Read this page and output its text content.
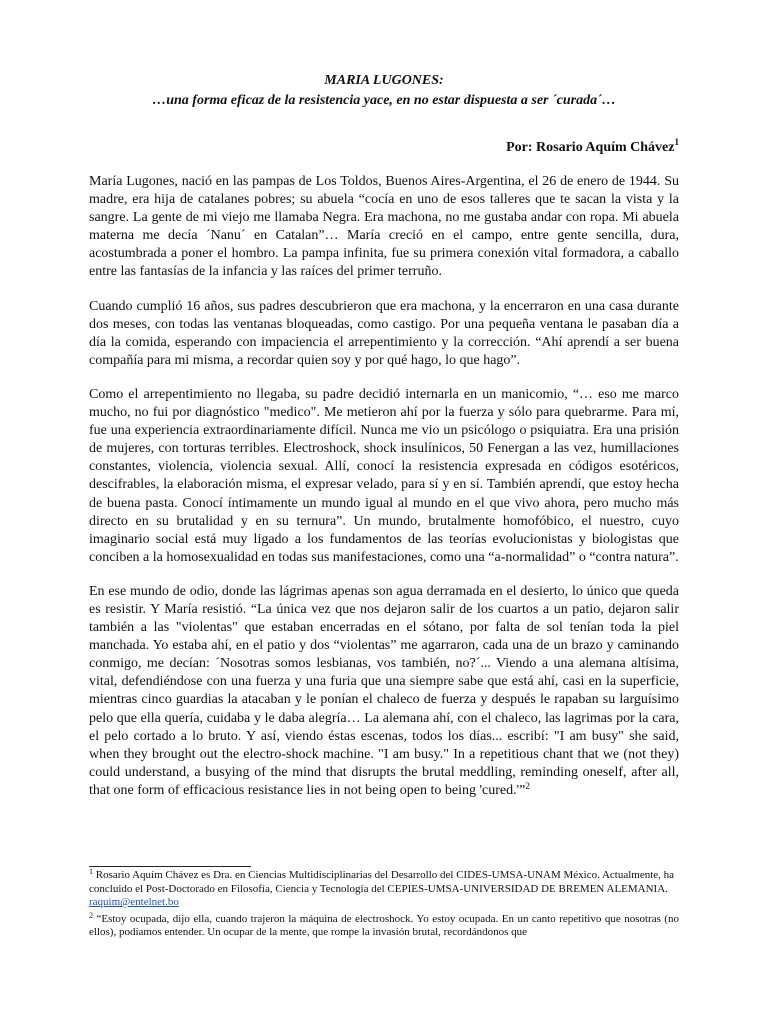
MARIA LUGONES:
…una forma eficaz de la resistencia yace, en no estar dispuesta a ser ´curada´…
Por: Rosario Aquím Chávez$^1$

María Lugones, nació en las pampas de Los Toldos, Buenos Aires-Argentina, el 26 de enero de 1944. Su madre, era hija de catalanes pobres; su abuela “cocía en uno de esos talleres que te sacan la vista y la sangre. La gente de mi viejo me llamaba Negra. Era machona, no me gustaba andar con ropa. Mi abuela materna me decía ´Nanu´ en Catalan”… María creció en el campo, entre gente sencilla, dura, acostumbrada a poner el hombro. La pampa infinita, fue su primera conexión vital formadora, a caballo entre las fantasías de la infancia y las raíces del primer terruño.

Cuando cumplió 16 años, sus padres descubrieron que era machona, y la encerraron en una casa durante dos meses, con todas las ventanas bloqueadas, como castigo. Por una pequeña ventana le pasaban día a día la comida, esperando con impaciencia el arrepentimiento y la corrección. “Ahí aprendí a ser buena compañía para mi misma, a recordar quien soy y por qué hago, lo que hago”.

Como el arrepentimiento no llegaba, su padre decidió internarla en un manicomio, “… eso me marco mucho, no fui por diagnóstico "medico". Me metieron ahí por la fuerza y sólo para quebrarme. Para mí, fue una experiencia extraordinariamente difícil. Nunca me vio un psicólogo o psiquiatra. Era una prisión de mujeres, con torturas terribles. Electroshock, shock insulínicos, 50 Fenergan a las vez, humillaciones constantes, violencia, violencia sexual. Allí, conocí la resistencia expresada en códigos esotéricos, descifrables, la elaboración misma, el expresar velado, para sí y en sí. También aprendí, que estoy hecha de buena pasta. Conocí íntimamente un mundo igual al mundo en el que vivo ahora, pero mucho más directo en su brutalidad y en su ternura”. Un mundo, brutalmente homofóbico, el nuestro, cuyo imaginario social está muy ligado a los fundamentos de las teorías evolucionistas y biologistas que conciben a la homosexualidad en todas sus manifestaciones, como una “a-normalidad” o “contra natura”.

En ese mundo de odio, donde las lágrimas apenas son agua derramada en el desierto, lo único que queda es resistir. Y María resistió. “La única vez que nos dejaron salir de los cuartos a un patio, dejaron salir también a las "violentas" que estaban encerradas en el sótano, por falta de sol tenían toda la piel manchada. Yo estaba ahí, en el patio y dos “violentas” me agarraron, cada una de un brazo y caminando conmigo, me decían: ´Nosotras somos lesbianas, vos también, no?´... Viendo a una alemana altísima, vital, defendiéndose con una fuerza y una furia que una siempre sabe que está ahí, casi en la superficie, mientras cinco guardias la atacaban y le ponían el chaleco de fuerza y después le rapaban su larguísimo pelo que ella quería, cuidaba y le daba alegría… La alemana ahí, con el chaleco, las lagrimas por la cara, el pelo cortado a lo bruto. Y así, viendo éstas escenas, todos los días... escribí: "I am busy" she said, when they brought out the electro-shock machine. "I am busy." In a repetitious chant that we (not they) could understand, a busying of the mind that disrupts the brutal meddling, reminding oneself, after all, that one form of efficacious resistance lies in not being open to being 'cured.'”$^2$

$^1$ Rosario Aquím Chávez es Dra. en Ciencias Multidisciplinarias del Desarrollo del CIDES-UMSA-UNAM México. Actualmente, ha concluido el Post-Doctorado en Filosofía, Ciencia y Tecnología del CEPIES-UMSA-UNIVERSIDAD DE BREMEN ALEMANIA. raquim@entelnet.bo

$^2$ “Estoy ocupada, dijo ella, cuando trajeron la máquina de electroshock. Yo estoy ocupada. En un canto repetitivo que nosotras (no ellos), podíamos entender. Un ocupar de la mente, que rompe la invasión brutal, recordándonos que
